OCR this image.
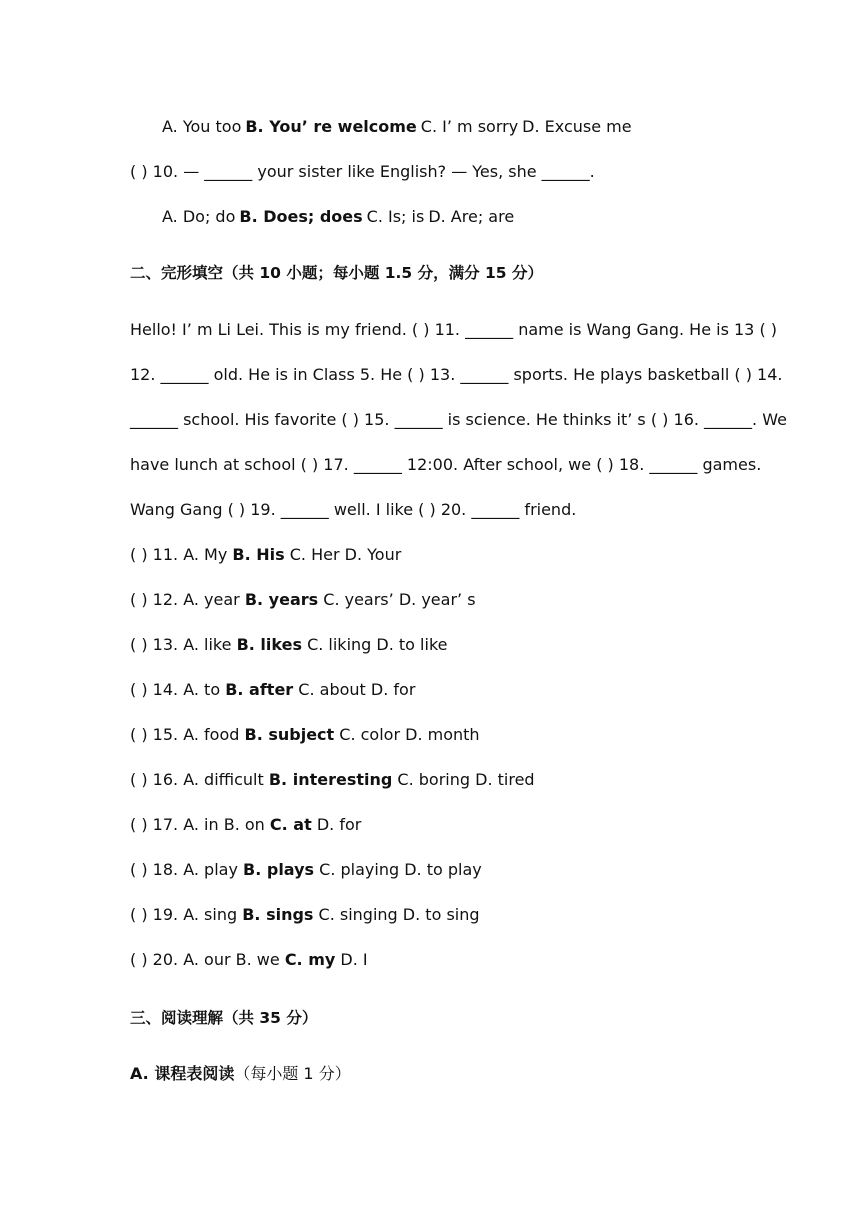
A. You too B. You’ re welcome C. I’ m sorry D. Excuse me
( ) 10. — ______ your sister like English? — Yes, she ______.
A. Do; do B. Does; does C. Is; is D. Are; are
二、完形填空（共 10 小题；每小题 1.5 分，满分 15 分）
Hello! I’ m Li Lei. This is my friend. ( ) 11. ______ name is Wang Gang. He is 13 ( )
12. ______ old. He is in Class 5. He ( ) 13. ______ sports. He plays basketball ( ) 14.
______ school. His favorite ( ) 15. ______ is science. He thinks it’ s ( ) 16. ______. We
have lunch at school ( ) 17. ______ 12:00. After school, we ( ) 18. ______ games.
Wang Gang ( ) 19. ______ well. I like ( ) 20. ______ friend.
( ) 11. A. My B. His C. Her D. Your
( ) 12. A. year B. years C. years’ D. year’ s
( ) 13. A. like B. likes C. liking D. to like
( ) 14. A. to B. after C. about D. for
( ) 15. A. food B. subject C. color D. month
( ) 16. A. difficult B. interesting C. boring D. tired
( ) 17. A. in B. on C. at D. for
( ) 18. A. play B. plays C. playing D. to play
( ) 19. A. sing B. sings C. singing D. to sing
( ) 20. A. our B. we C. my D. I
三、阅读理解（共 35 分）
A. 课程表阅读（每小题 1 分）
